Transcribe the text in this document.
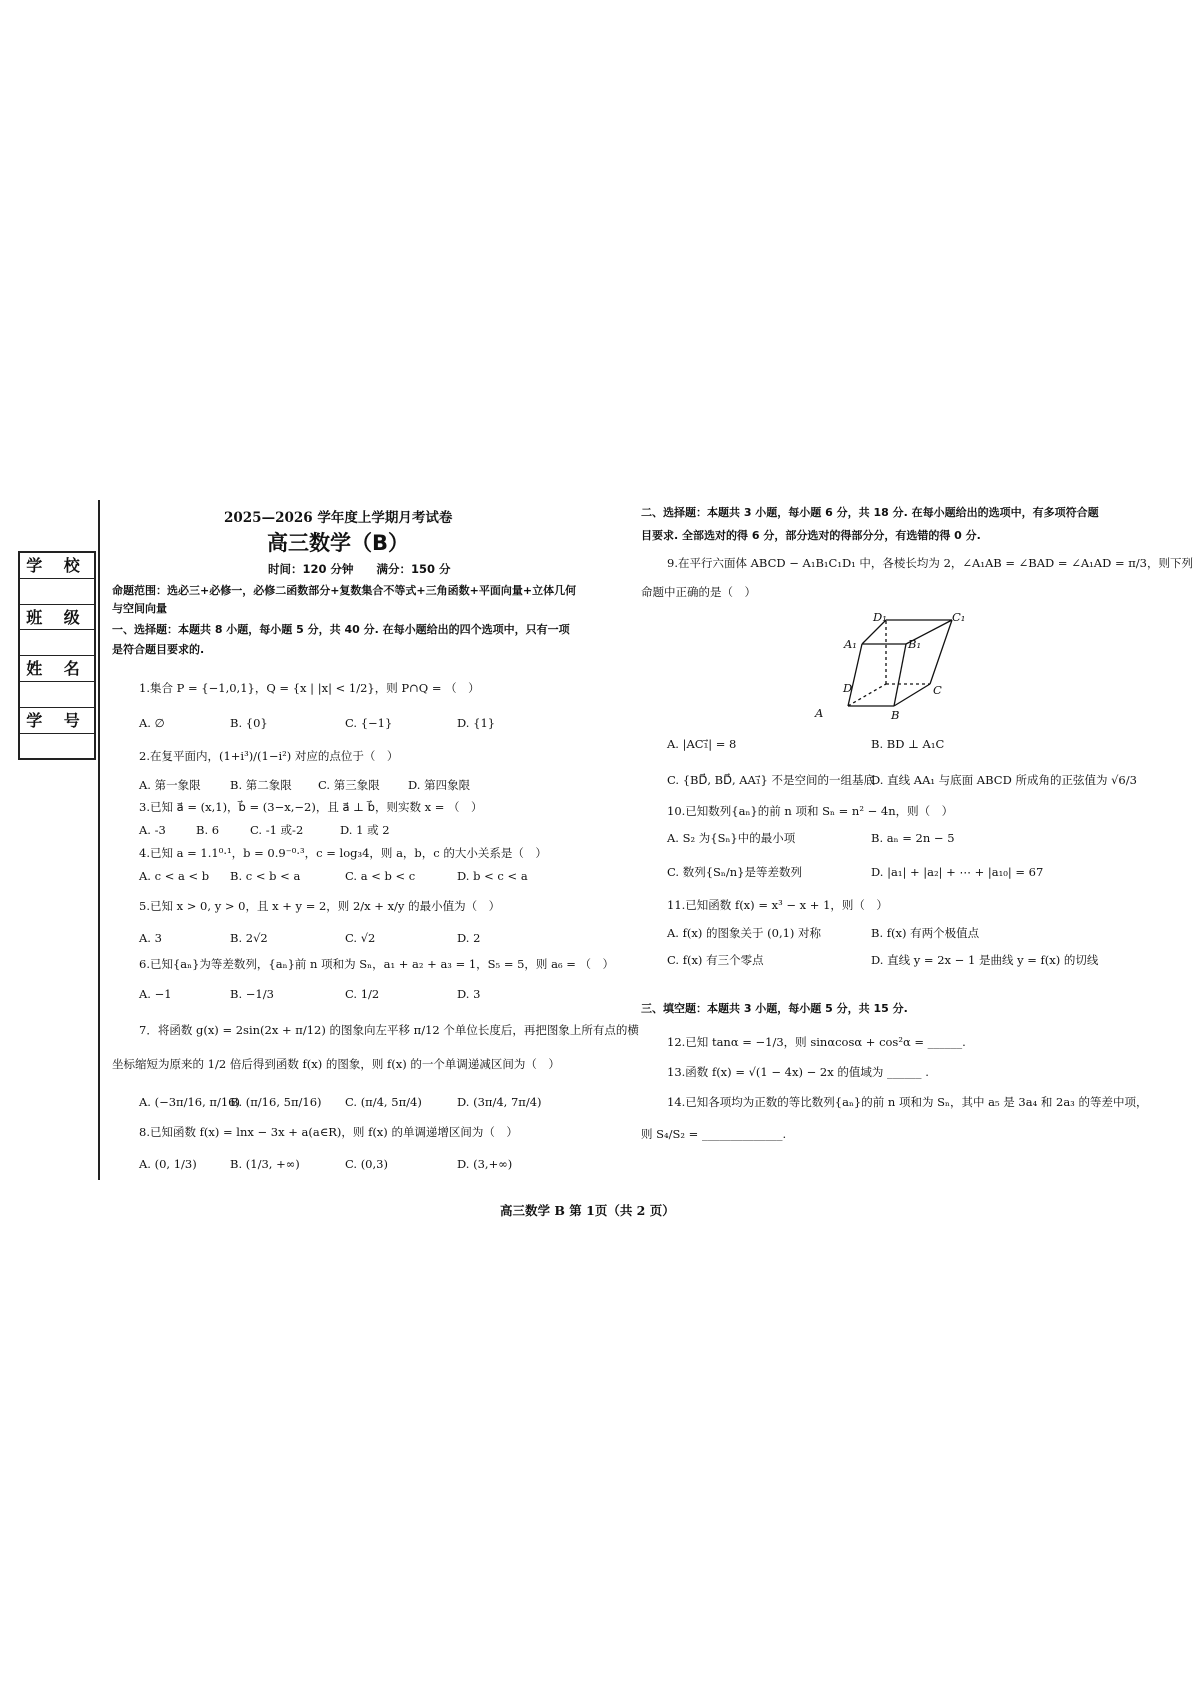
学 校
班 级
姓 名
学 号
2025—2026 学年度上学期月考试卷
高三数学（B）
时间：120 分钟　　满分：150 分
命题范围：选必三+必修一，必修二函数部分+复数集合不等式+三角函数+平面向量+立体几何
与空间向量
一、选择题：本题共 8 小题，每小题 5 分，共 40 分. 在每小题给出的四个选项中，只有一项
是符合题目要求的.
1.集合 P = {−1,0,1}，Q = {x | |x| < 1/2}，则 P∩Q = （　）
A. ∅	B. {0}	C. {−1}	D. {1}
2.在复平面内，(1+i³)/(1−i²) 对应的点位于（　）
A. 第一象限	B. 第二象限 C. 第三象限 D. 第四象限
3.已知 a⃗ = (x,1)，b⃗ = (3−x,−2)，且 a⃗ ⊥ b⃗，则实数 x = （　）
A. -3	B. 6	C. -1 或-2	D. 1 或 2
4.已知 a = 1.1⁰·¹，b = 0.9⁻⁰·³，c = log₃4，则 a，b，c 的大小关系是（　）
A. c < a < b B. c < b < a	C. a < b < c	D. b < c < a
5.已知 x > 0, y > 0，且 x + y = 2，则 2/x + x/y 的最小值为（　）
A. 3	B. 2√2	C. √2	D. 2
6.已知{aₙ}为等差数列，{aₙ}前 n 项和为 Sₙ，a₁ + a₂ + a₃ = 1，S₅ = 5，则 a₆ = （　）
A. −1	B. −1/3	C. 1/2	D. 3
7．将函数 g(x) = 2sin(2x + π/12) 的图象向左平移 π/12 个单位长度后，再把图象上所有点的横
坐标缩短为原来的 1/2 倍后得到函数 f(x) 的图象，则 f(x) 的一个单调递减区间为（　）
A. (−3π/16, π/16)
B. (π/16, 5π/16) C. (π/4, 5π/4)	D. (3π/4, 7π/4)
8.已知函数 f(x) = lnx − 3x + a(a∈R)，则 f(x) 的单调递增区间为（　）
A. (0, 1/3)	B. (1/3, +∞)	C. (0,3)	D. (3,+∞)
二、选择题：本题共 3 小题，每小题 6 分，共 18 分. 在每小题给出的选项中，有多项符合题
目要求. 全部选对的得 6 分，部分选对的得部分分，有选错的得 0 分.
9.在平行六面体 ABCD − A₁B₁C₁D₁ 中，各棱长均为 2，∠A₁AB = ∠BAD = ∠A₁AD = π/3，则下列
命题中正确的是（　）
D₁	C₁
A₁	B₁
D	C
A	B
A. |AC₁⃗| = 8	B. BD ⊥ A₁C
C. {BD⃗, BD⃗, AA₁⃗} 不是空间的一组基底
D. 直线 AA₁ 与底面 ABCD 所成角的正弦值为 √6/3
10.已知数列{aₙ}的前 n 项和 Sₙ = n² − 4n，则（　）
A. S₂ 为{Sₙ}中的最小项	B. aₙ = 2n − 5
C. 数列{Sₙ/n}是等差数列	D. |a₁| + |a₂| + ⋯ + |a₁₀| = 67
11.已知函数 f(x) = x³ − x + 1，则（　）
A. f(x) 的图象关于 (0,1) 对称	B. f(x) 有两个极值点
C. f(x) 有三个零点	D. 直线 y = 2x − 1 是曲线 y = f(x) 的切线
三、填空题：本题共 3 小题，每小题 5 分，共 15 分.
12.已知 tanα = −1/3，则 sinαcosα + cos²α = ______.
13.函数 f(x) = √(1 − 4x) − 2x 的值域为 ______ .
14.已知各项均为正数的等比数列{aₙ}的前 n 项和为 Sₙ，其中 a₅ 是 3a₄ 和 2a₃ 的等差中项，
则 S₄/S₂ = ______________.
高三数学 B 第 1页（共 2 页）
